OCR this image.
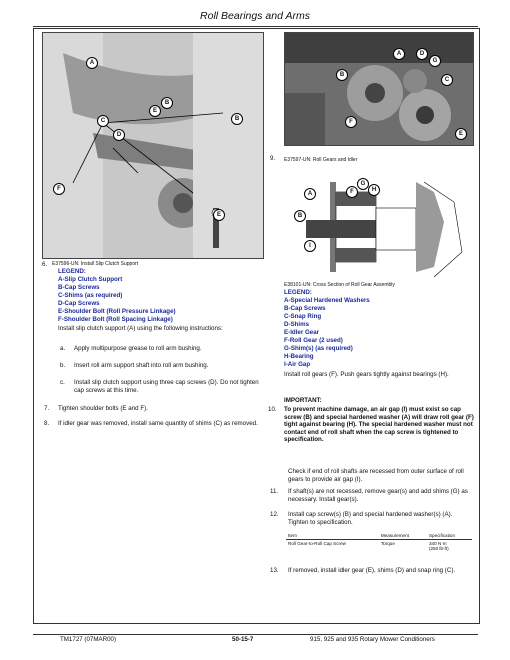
Roll Bearings and Arms
A
B
C
D
E
B
F
E
E37596-UN: Install Slip Clutch Support
A	D
G
B
C
F
E
E37597-UN: Roll Gears and Idler
9.
A	F
G
H
B
I
6.
LEGEND:
A-Slip Clutch Support
B-Cap Screws
C-Shims (as required)
D-Cap Screws
E-Shoulder Bolt (Roll Pressure Linkage)
F-Shoulder Bolt (Roll Spacing Linkage)
Install slip clutch support (A) using the following instructions:
a. Apply multipurpose grease to roll arm bushing.
b. Insert roll arm support shaft into roll arm bushing.
c. Install slip clutch support using three cap screws (D). Do not tighten cap screws at this time.
7. Tighten shoulder bolts (E and F).
8. If idler gear was removed, install same quantity of shims (C) as removed.
E38101-UN: Cross Section of Roll Gear Assembly
LEGEND:
A-Special Hardened Washers
B-Cap Screws
C-Snap Ring
D-Shims
E-Idler Gear
F-Roll Gear (2 used)
G-Shim(s) (as required)
H-Bearing
I-Air Gap
Install roll gears (F). Push gears tightly against bearings (H).
IMPORTANT:
10. To prevent machine damage, an air gap (I) must exist so cap screw (B) and special hardened washer (A) will draw roll gear (F) tight against bearing (H). The special hardened washer must not contact end of roll shaft when the cap screw is tightened to specification.
Check if end of roll shafts are recessed from outer surface of roll gears to provide air gap (I).
11. If shaft(s) are not recessed, remove gear(s) and add shims (G) as necessary. Install gear(s).
12. Install cap screw(s) (B) and special hardened washer(s) (A). Tighten to specification.
Item	Measurement	Specification
Roll Gear-to-Roll Cap Screw	Torque	340 N·m
(250 lb-ft)
13. If removed, install idler gear (E), shims (D) and snap ring (C).
TM1727 (07MAR00)	50-15-7	915, 925 and 935 Rotary Mower Conditioners
